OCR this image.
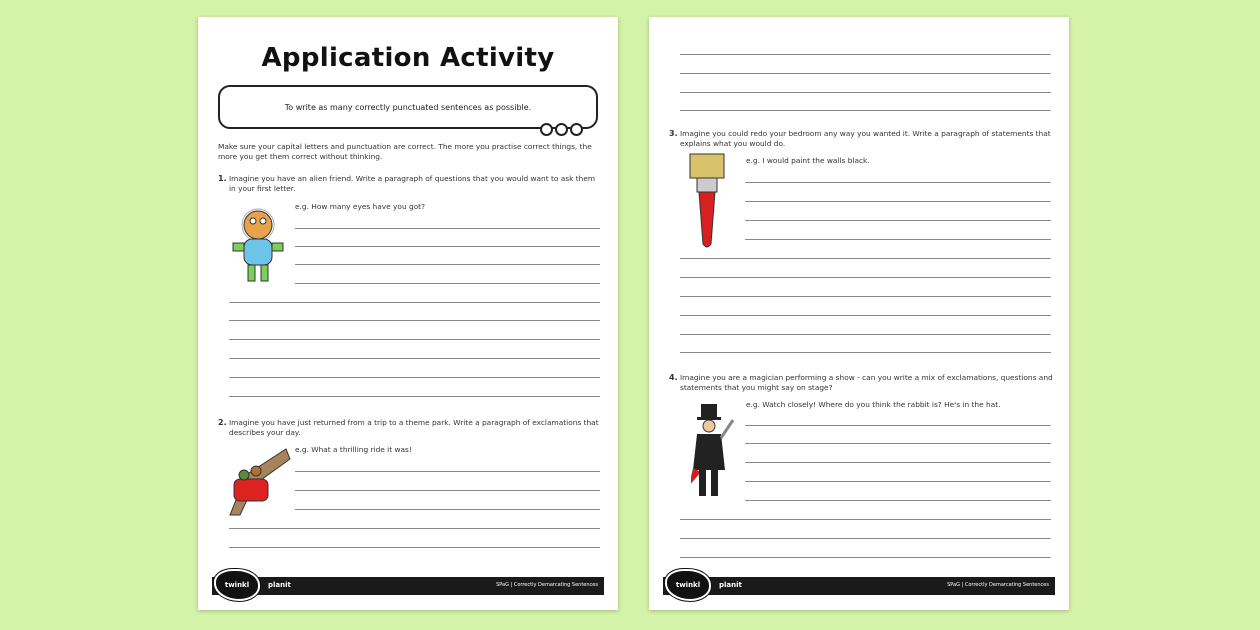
Application Activity
To write as many correctly punctuated sentences as possible.
Make sure your capital letters and punctuation are correct. The more you practise correct things, the more you get them correct without thinking.
1. Imagine you have an alien friend. Write a paragraph of questions that you would want to ask them in your first letter.
e.g. How many eyes have you got?
2. Imagine you have just returned from a trip to a theme park. Write a paragraph of exclamations that describes your day.
e.g. What a thrilling ride it was!
twinkl	planit	SPaG | Correctly Demarcating Sentences
3. Imagine you could redo your bedroom any way you wanted it. Write a paragraph of statements that explains what you would do.
e.g. I would paint the walls black.
4. Imagine you are a magician performing a show - can you write a mix of exclamations, questions and statements that you might say on stage?
e.g. Watch closely! Where do you think the rabbit is? He's in the hat.
twinkl	planit	SPaG | Correctly Demarcating Sentences
